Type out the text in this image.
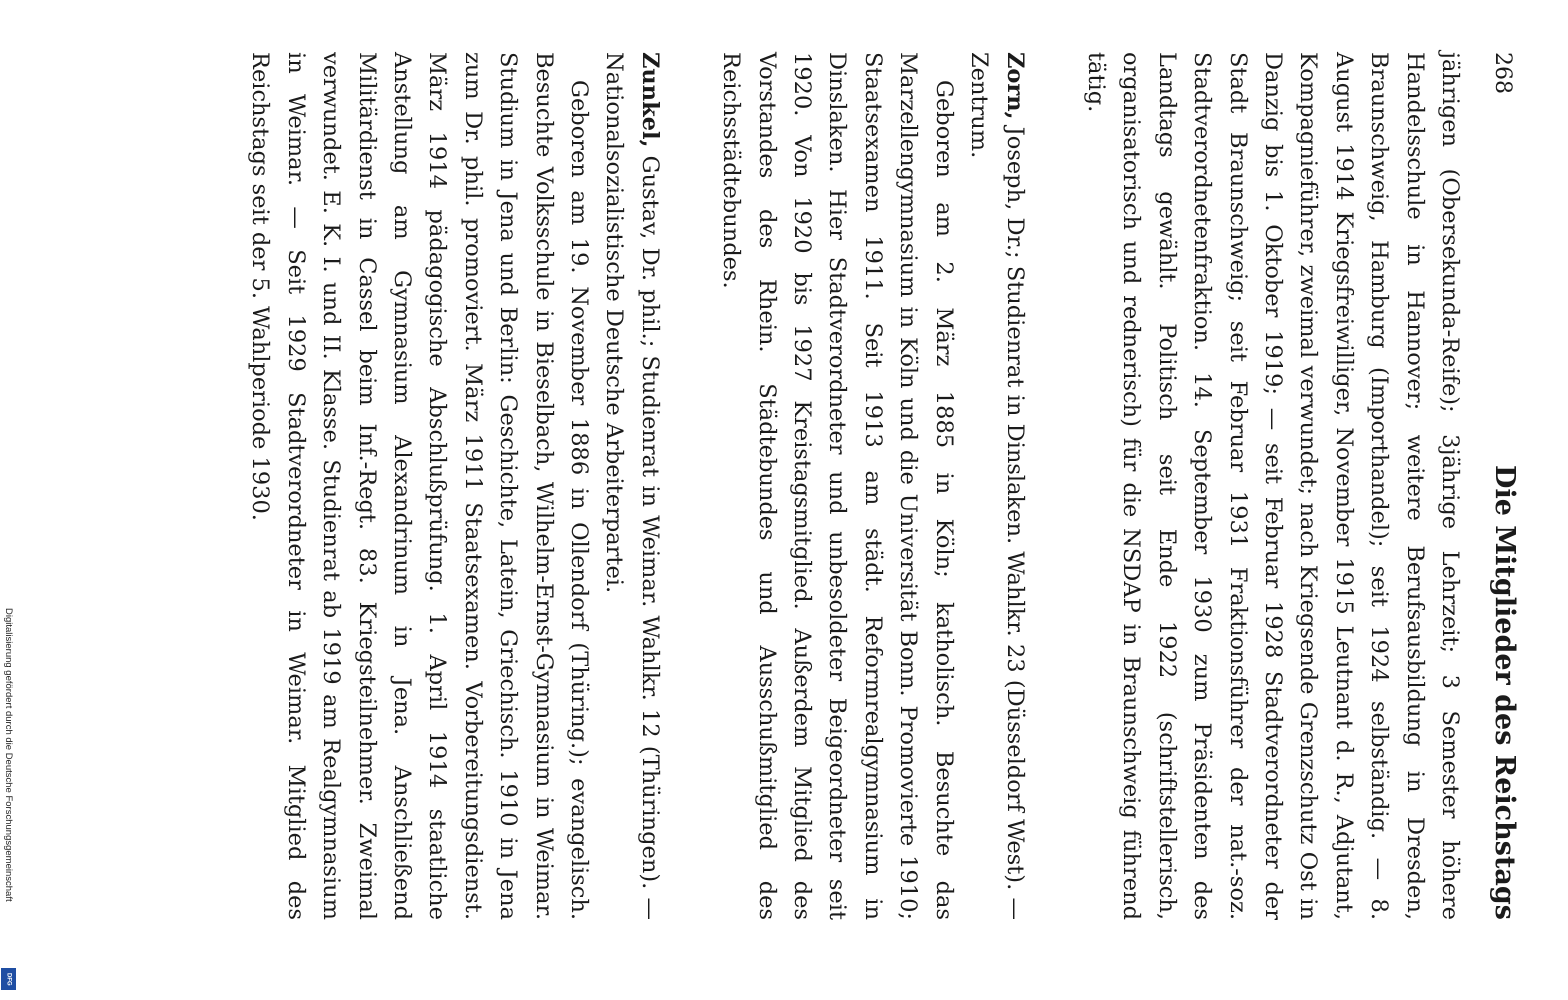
268
Die Mitglieder des Reichstags

jährigen (Obersekunda-Reife); 3jährige Lehrzeit; 3 Semester höhere Handelsschule in Hannover; weitere Berufsausbildung in Dresden, Braunschweig, Hamburg (Importhandel); seit 1924 selbständig. — 8. August 1914 Kriegsfreiwilliger, November 1915 Leutnant d. R., Adjutant, Kompagnieführer, zweimal verwundet; nach Kriegsende Grenzschutz Ost in Danzig bis 1. Oktober 1919; — seit Februar 1928 Stadtverordneter der Stadt Braunschweig; seit Februar 1931 Fraktionsführer der nat.-soz. Stadtverordnetenfraktion. 14. September 1930 zum Präsidenten des Landtags gewählt. Politisch seit Ende 1922 (schriftstellerisch, organisatorisch und rednerisch) für die NSDAP in Braunschweig führend tätig.

Zorn, Joseph, Dr.; Studienrat in Dinslaken. Wahlkr. 23 (Düsseldorf West). — Zentrum.

Geboren am 2. März 1885 in Köln; katholisch. Besuchte das Marzellengymnasium in Köln und die Universität Bonn. Promovierte 1910; Staatsexamen 1911. Seit 1913 am städt. Reformrealgymnasium in Dinslaken. Hier Stadtverordneter und unbesoldeter Beigeordneter seit 1920. Von 1920 bis 1927 Kreistagsmitglied. Außerdem Mitglied des Vorstandes des Rhein. Städtebundes und Ausschußmitglied des Reichsstädtebundes.

Zunkel, Gustav, Dr. phil.; Studienrat in Weimar. Wahlkr. 12 (Thüringen). — Nationalsozialistische Deutsche Arbeiterpartei.

Geboren am 19. November 1886 in Ollendorf (Thüring.); evangelisch. Besuchte Volksschule in Bieselbach, Wilhelm-Ernst-Gymnasium in Weimar. Studium in Jena und Berlin: Geschichte, Latein, Griechisch. 1910 in Jena zum Dr. phil. promoviert. März 1911 Staatsexamen. Vorbereitungsdienst. März 1914 pädagogische Abschlußprüfung. 1. April 1914 staatliche Anstellung am Gymnasium Alexandrinum in Jena. Anschließend Militärdienst in Cassel beim Inf.-Regt. 83. Kriegsteilnehmer. Zweimal verwundet. E. K. I. und II. Klasse. Studienrat ab 1919 am Realgymnasium in Weimar. — Seit 1929 Stadtverordneter in Weimar. Mitglied des Reichstags seit der 5. Wahlperiode 1930.

Digitalisierung gefördert durch die Deutsche Forschungsgemeinschaft
DFG
